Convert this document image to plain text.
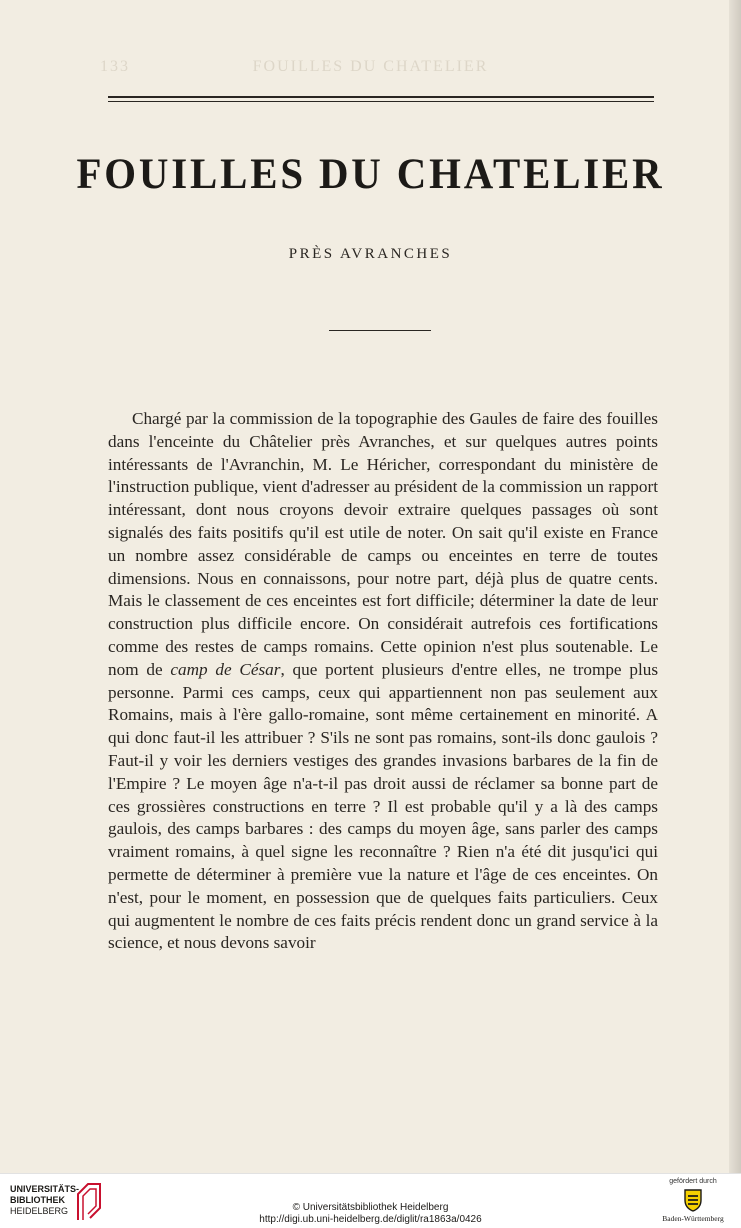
133	FOUILLES DU CHATELIER
FOUILLES DU CHATELIER
PRÈS AVRANCHES

Chargé par la commission de la topographie des Gaules de faire des fouilles dans l'enceinte du Châtelier près Avranches, et sur quelques autres points intéressants de l'Avranchin, M. Le Héricher, correspondant du ministère de l'instruction publique, vient d'adresser au président de la commission un rapport intéressant, dont nous croyons devoir extraire quelques passages où sont signalés des faits positifs qu'il est utile de noter. On sait qu'il existe en France un nombre assez considérable de camps ou enceintes en terre de toutes dimensions. Nous en connaissons, pour notre part, déjà plus de quatre cents. Mais le classement de ces enceintes est fort difficile; déterminer la date de leur construction plus difficile encore. On considérait autrefois ces fortifications comme des restes de camps romains. Cette opinion n'est plus soutenable. Le nom de camp de César, que portent plusieurs d'entre elles, ne trompe plus personne. Parmi ces camps, ceux qui appartiennent non pas seulement aux Romains, mais à l'ère gallo-romaine, sont même certainement en minorité. A qui donc faut-il les attribuer ? S'ils ne sont pas romains, sont-ils donc gaulois ? Faut-il y voir les derniers vestiges des grandes invasions barbares de la fin de l'Empire ? Le moyen âge n'a-t-il pas droit aussi de réclamer sa bonne part de ces grossières constructions en terre ? Il est probable qu'il y a là des camps gaulois, des camps barbares : des camps du moyen âge, sans parler des camps vraiment romains, à quel signe les reconnaître ? Rien n'a été dit jusqu'ici qui permette de déterminer à première vue la nature et l'âge de ces enceintes. On n'est, pour le moment, en possession que de quelques faits particuliers. Ceux qui augmentent le nombre de ces faits précis rendent donc un grand service à la science, et nous devons savoir

UNIVERSITÄTS-
BIBLIOTHEK
HEIDELBERG	© Universitätsbibliothek Heidelberg
http://digi.ub.uni-heidelberg.de/diglit/ra1863a/0426
gefördert durch
Baden-Württemberg
